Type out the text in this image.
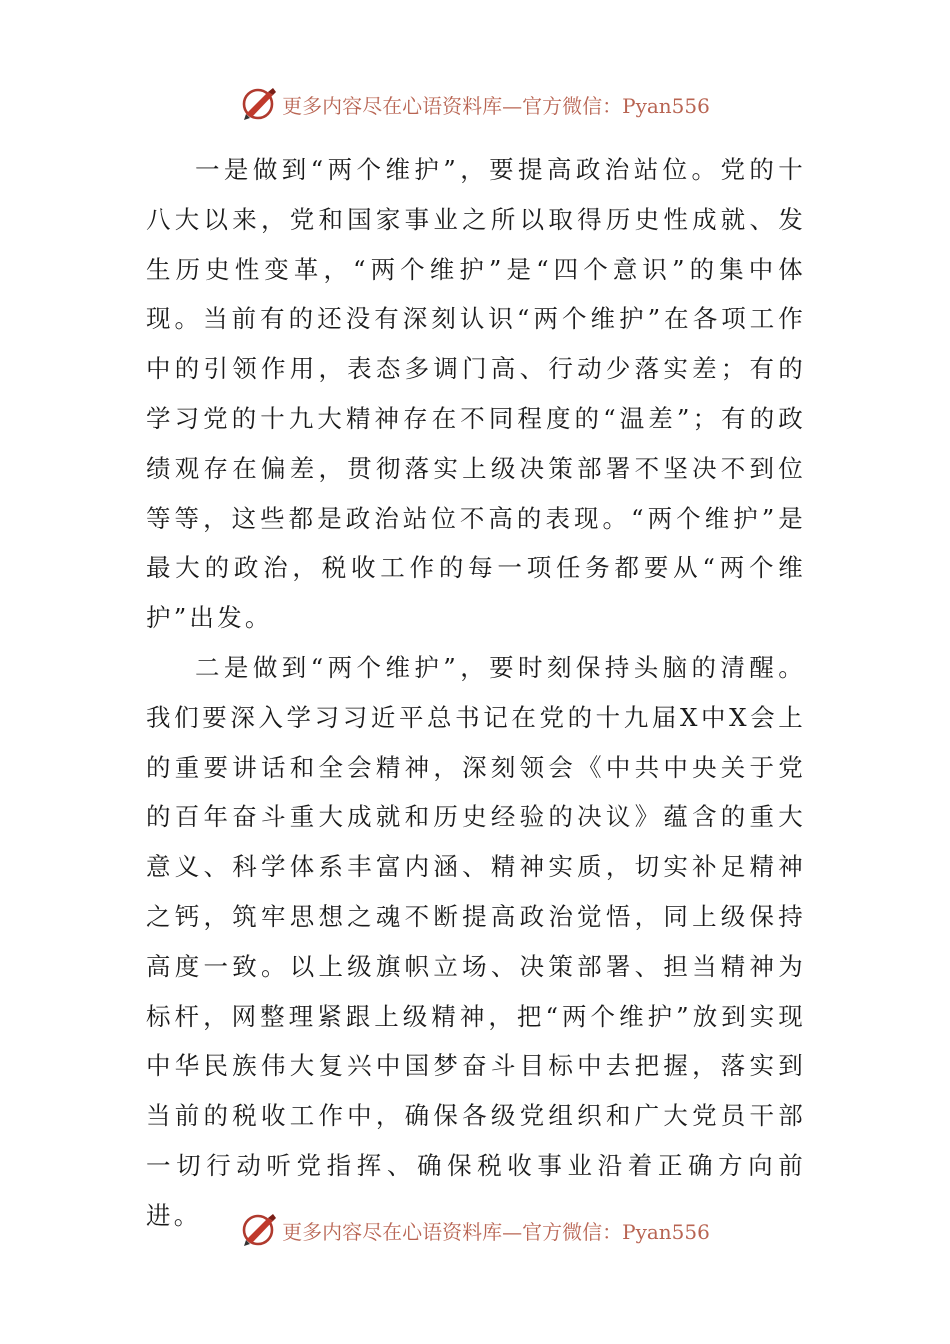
更多内容尽在心语资料库—官方微信：Pyan556

一是做到“两个维护”，要提高政治站位。党的十八大以来，党和国家事业之所以取得历史性成就、发生历史性变革，“两个维护”是“四个意识”的集中体现。当前有的还没有深刻认识“两个维护”在各项工作中的引领作用，表态多调门高、行动少落实差；有的学习党的十九大精神存在不同程度的“温差”；有的政绩观存在偏差，贯彻落实上级决策部署不坚决不到位等等，这些都是政治站位不高的表现。“两个维护”是最大的政治，税收工作的每一项任务都要从“两个维护”出发。

二是做到“两个维护”，要时刻保持头脑的清醒。我们要深入学习习近平总书记在党的十九届X中X会上的重要讲话和全会精神，深刻领会《中共中央关于党的百年奋斗重大成就和历史经验的决议》蕴含的重大意义、科学体系丰富内涵、精神实质，切实补足精神之钙，筑牢思想之魂不断提高政治觉悟，同上级保持高度一致。以上级旗帜立场、决策部署、担当精神为标杆，网整理紧跟上级精神，把“两个维护”放到实现中华民族伟大复兴中国梦奋斗目标中去把握，落实到当前的税收工作中，确保各级党组织和广大党员干部一切行动听党指挥、确保税收事业沿着正确方向前进。

更多内容尽在心语资料库—官方微信：Pyan556
